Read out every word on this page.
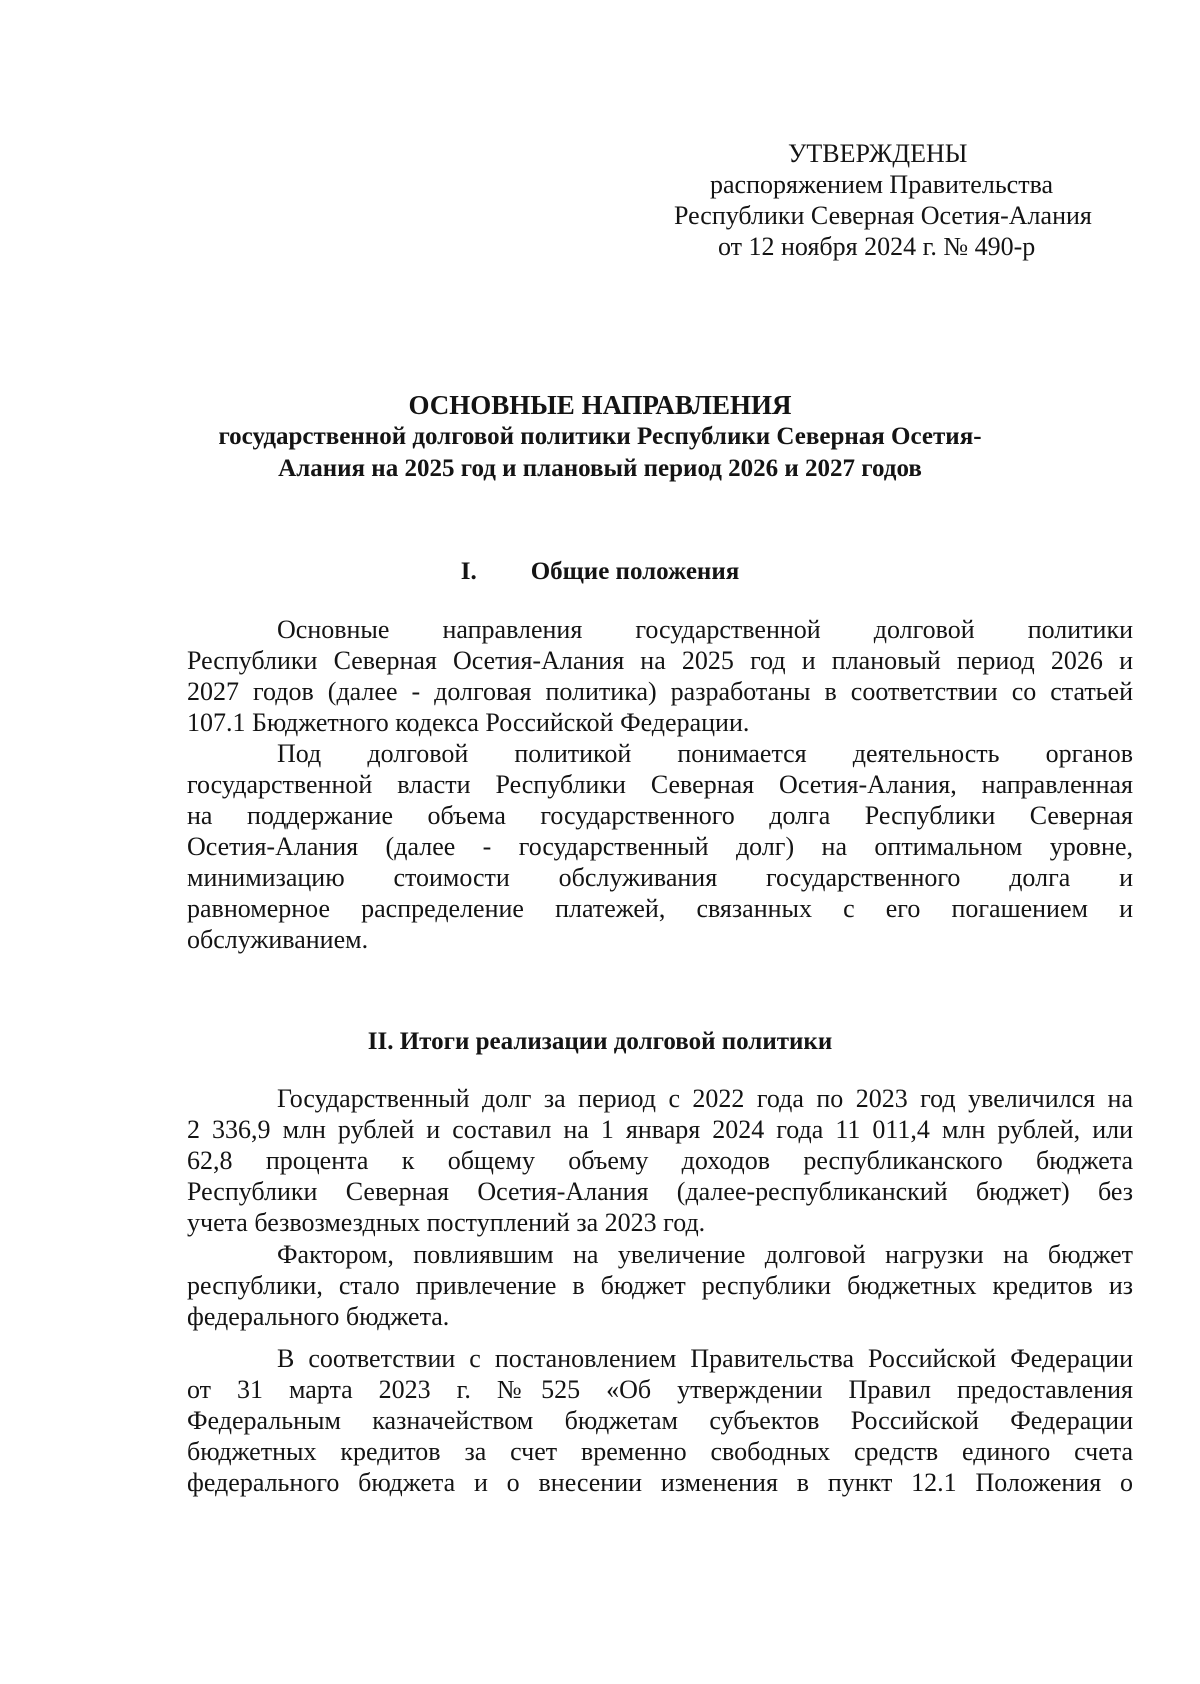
УТВЕРЖДЕНЫ
распоряжением Правительства
Республики Северная Осетия-Алания
от 12 ноября 2024 г. № 490-р
ОСНОВНЫЕ НАПРАВЛЕНИЯ
государственной долговой политики Республики Северная Осетия-
Алания на 2025 год и плановый период 2026 и 2027 годов
I. Общие положения
Основные направления государственной долговой политики
Республики Северная Осетия-Алания на 2025 год и плановый период 2026 и
2027 годов (далее - долговая политика) разработаны в соответствии со статьей
107.1 Бюджетного кодекса Российской Федерации.
Под долговой политикой понимается деятельность органов
государственной власти Республики Северная Осетия-Алания, направленная
на поддержание объема государственного долга Республики Северная
Осетия-Алания (далее - государственный долг) на оптимальном уровне,
минимизацию стоимости обслуживания государственного долга и
равномерное распределение платежей, связанных с его погашением и
обслуживанием.
II. Итоги реализации долговой политики
Государственный долг за период с 2022 года по 2023 год увеличился на
2 336,9 млн рублей и составил на 1 января 2024 года 11 011,4 млн рублей, или
62,8 процента к общему объему доходов республиканского бюджета
Республики Северная Осетия-Алания (далее-республиканский бюджет) без
учета безвозмездных поступлений за 2023 год.
Фактором, повлиявшим на увеличение долговой нагрузки на бюджет
республики, стало привлечение в бюджет республики бюджетных кредитов из
федерального бюджета.
В соответствии с постановлением Правительства Российской Федерации
от 31 марта 2023 г. №525 «Об утверждении Правил предоставления
Федеральным казначейством бюджетам субъектов Российской Федерации
бюджетных кредитов за счет временно свободных средств единого счета
федерального бюджета и о внесении изменения в пункт 12.1 Положения о
